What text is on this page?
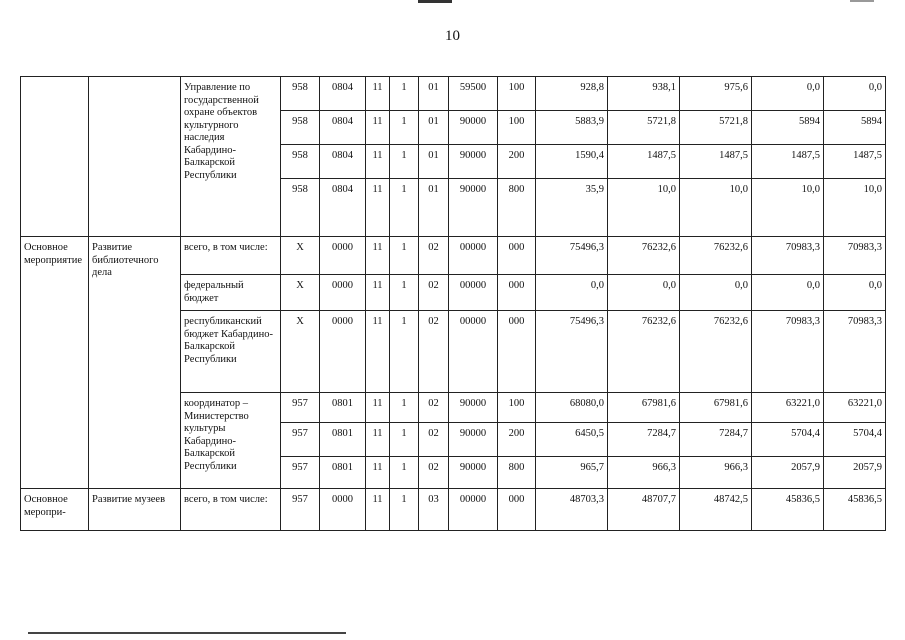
10
		Управление по государственной охране объектов культурного наследия Кабардино-Балкарской Республики	958	0804	11	1	01	59500	100	928,8	938,1	975,6	0,0	0,0
			958	0804	11	1	01	90000	100	5883,9	5721,8	5721,8	5894	5894
			958	0804	11	1	01	90000	200	1590,4	1487,5	1487,5	1487,5	1487,5
			958	0804	11	1	01	90000	800	35,9	10,0	10,0	10,0	10,0
Основное мероприятие	Развитие библиотечного дела	всего, в том числе:	Х	0000	11	1	02	00000	000	75496,3	76232,6	76232,6	70983,3	70983,3
		федеральный бюджет	Х	0000	11	1	02	00000	000	0,0	0,0	0,0	0,0	0,0
		республиканский бюджет Кабардино-Балкарской Республики	Х	0000	11	1	02	00000	000	75496,3	76232,6	76232,6	70983,3	70983,3
		координатор – Министерство культуры Кабардино-Балкарской Республики	957	0801	11	1	02	90000	100	68080,0	67981,6	67981,6	63221,0	63221,0
			957	0801	11	1	02	90000	200	6450,5	7284,7	7284,7	5704,4	5704,4
			957	0801	11	1	02	90000	800	965,7	966,3	966,3	2057,9	2057,9
Основное меропри-	Развитие музеев	всего, в том числе:	957	0000	11	1	03	00000	000	48703,3	48707,7	48742,5	45836,5	45836,5
